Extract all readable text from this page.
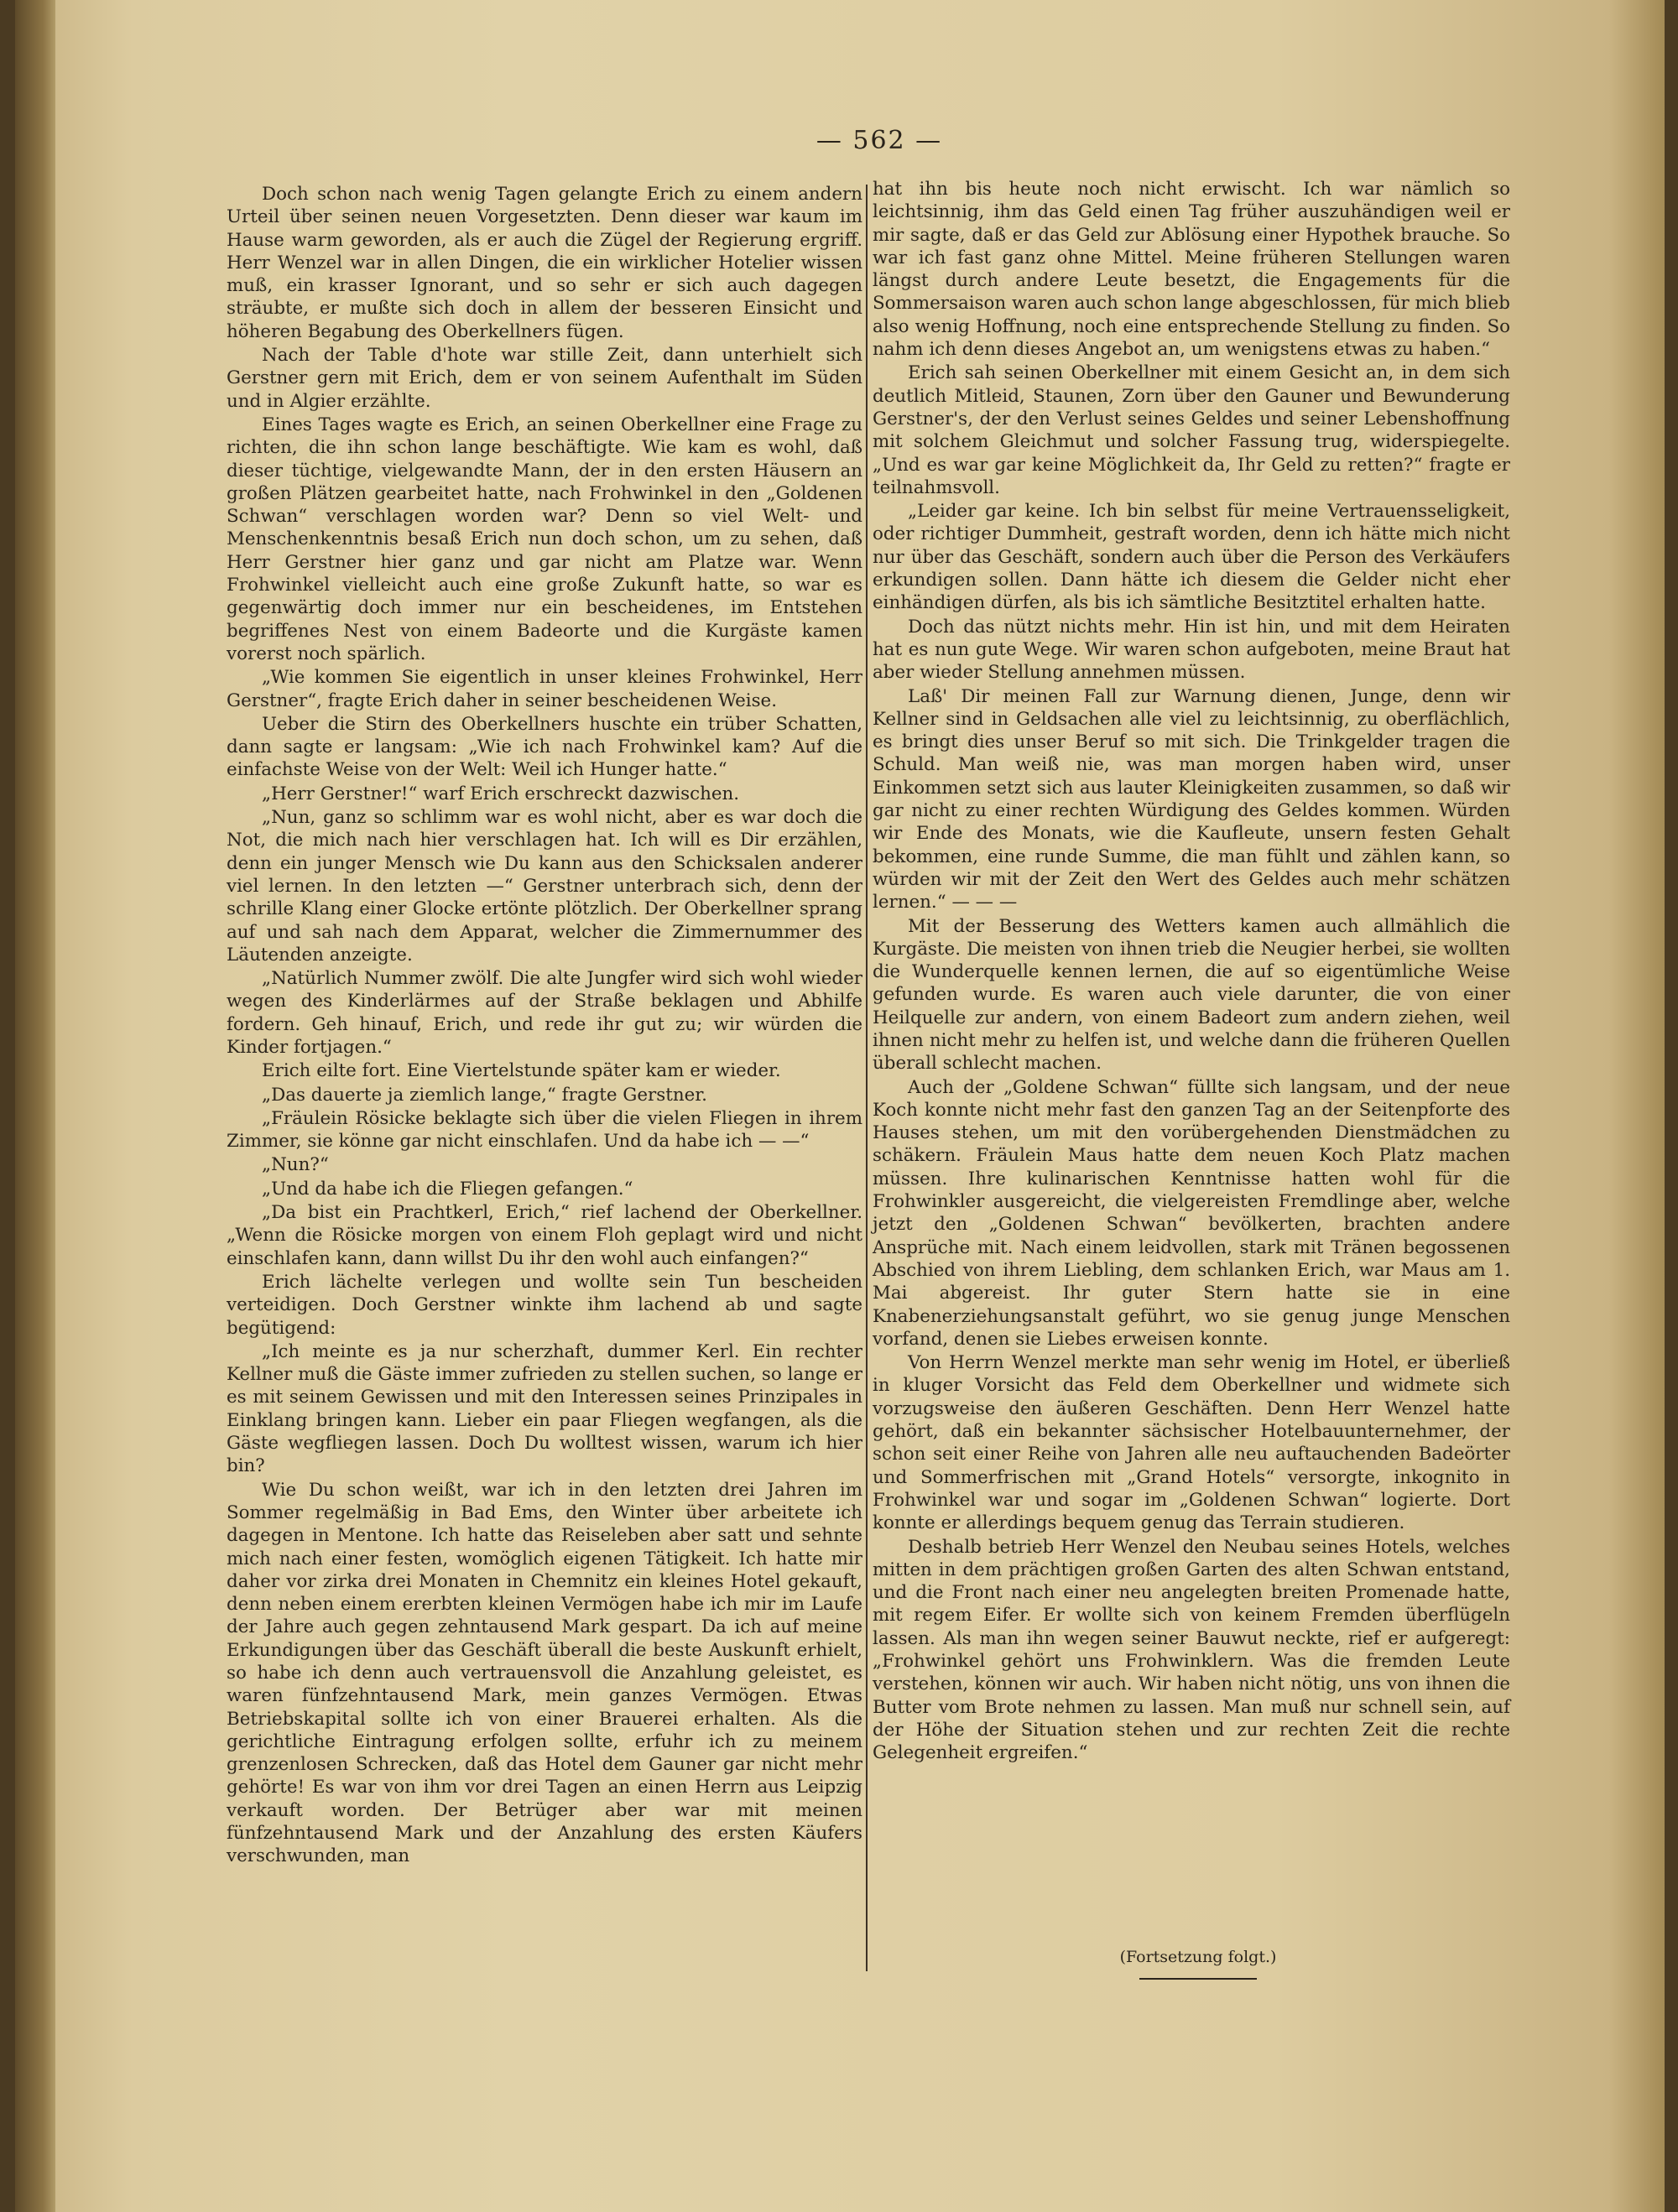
— 562 —

Doch schon nach wenig Tagen gelangte Erich zu einem andern Urteil über seinen neuen Vorgesetzten. Denn dieser war kaum im Hause warm geworden, als er auch die Zügel der Regierung ergriff. Herr Wenzel war in allen Dingen, die ein wirklicher Hotelier wissen muß, ein krasser Ignorant, und so sehr er sich auch dagegen sträubte, er mußte sich doch in allem der besseren Einsicht und höheren Begabung des Oberkellners fügen.

Nach der Table d'hote war stille Zeit, dann unterhielt sich Gerstner gern mit Erich, dem er von seinem Aufenthalt im Süden und in Algier erzählte.

Eines Tages wagte es Erich, an seinen Oberkellner eine Frage zu richten, die ihn schon lange beschäftigte. Wie kam es wohl, daß dieser tüchtige, vielgewandte Mann, der in den ersten Häusern an großen Plätzen gearbeitet hatte, nach Frohwinkel in den „Goldenen Schwan“ verschlagen worden war? Denn so viel Welt- und Menschenkenntnis besaß Erich nun doch schon, um zu sehen, daß Herr Gerstner hier ganz und gar nicht am Platze war. Wenn Frohwinkel vielleicht auch eine große Zukunft hatte, so war es gegenwärtig doch immer nur ein bescheidenes, im Entstehen begriffenes Nest von einem Badeorte und die Kurgäste kamen vorerst noch spärlich.

„Wie kommen Sie eigentlich in unser kleines Frohwinkel, Herr Gerstner“, fragte Erich daher in seiner bescheidenen Weise.

Ueber die Stirn des Oberkellners huschte ein trüber Schatten, dann sagte er langsam: „Wie ich nach Frohwinkel kam? Auf die einfachste Weise von der Welt: Weil ich Hunger hatte.“

„Herr Gerstner!“ warf Erich erschreckt dazwischen.

„Nun, ganz so schlimm war es wohl nicht, aber es war doch die Not, die mich nach hier verschlagen hat. Ich will es Dir erzählen, denn ein junger Mensch wie Du kann aus den Schicksalen anderer viel lernen. In den letzten —“ Gerstner unterbrach sich, denn der schrille Klang einer Glocke ertönte plötzlich. Der Oberkellner sprang auf und sah nach dem Apparat, welcher die Zimmernummer des Läutenden anzeigte.

„Natürlich Nummer zwölf. Die alte Jungfer wird sich wohl wieder wegen des Kinderlärmes auf der Straße beklagen und Abhilfe fordern. Geh hinauf, Erich, und rede ihr gut zu; wir würden die Kinder fortjagen.“

Erich eilte fort. Eine Viertelstunde später kam er wieder.

„Das dauerte ja ziemlich lange,“ fragte Gerstner.

„Fräulein Rösicke beklagte sich über die vielen Fliegen in ihrem Zimmer, sie könne gar nicht einschlafen. Und da habe ich — —“

„Nun?“

„Und da habe ich die Fliegen gefangen.“

„Da bist ein Prachtkerl, Erich,“ rief lachend der Oberkellner. „Wenn die Rösicke morgen von einem Floh geplagt wird und nicht einschlafen kann, dann willst Du ihr den wohl auch einfangen?“

Erich lächelte verlegen und wollte sein Tun bescheiden verteidigen. Doch Gerstner winkte ihm lachend ab und sagte begütigend:

„Ich meinte es ja nur scherzhaft, dummer Kerl. Ein rechter Kellner muß die Gäste immer zufrieden zu stellen suchen, so lange er es mit seinem Gewissen und mit den Interessen seines Prinzipales in Einklang bringen kann. Lieber ein paar Fliegen wegfangen, als die Gäste wegfliegen lassen. Doch Du wolltest wissen, warum ich hier bin?

Wie Du schon weißt, war ich in den letzten drei Jahren im Sommer regelmäßig in Bad Ems, den Winter über arbeitete ich dagegen in Mentone. Ich hatte das Reiseleben aber satt und sehnte mich nach einer festen, womöglich eigenen Tätigkeit. Ich hatte mir daher vor zirka drei Monaten in Chemnitz ein kleines Hotel gekauft, denn neben einem ererbten kleinen Vermögen habe ich mir im Laufe der Jahre auch gegen zehntausend Mark gespart. Da ich auf meine Erkundigungen über das Geschäft überall die beste Auskunft erhielt, so habe ich denn auch vertrauensvoll die Anzahlung geleistet, es waren fünfzehntausend Mark, mein ganzes Vermögen. Etwas Betriebskapital sollte ich von einer Brauerei erhalten. Als die gerichtliche Eintragung erfolgen sollte, erfuhr ich zu meinem grenzenlosen Schrecken, daß das Hotel dem Gauner gar nicht mehr gehörte! Es war von ihm vor drei Tagen an einen Herrn aus Leipzig verkauft worden. Der Betrüger aber war mit meinen fünfzehntausend Mark und der Anzahlung des ersten Käufers verschwunden, man

hat ihn bis heute noch nicht erwischt. Ich war nämlich so leichtsinnig, ihm das Geld einen Tag früher auszuhändigen weil er mir sagte, daß er das Geld zur Ablösung einer Hypothek brauche. So war ich fast ganz ohne Mittel. Meine früheren Stellungen waren längst durch andere Leute besetzt, die Engagements für die Sommersaison waren auch schon lange abgeschlossen, für mich blieb also wenig Hoffnung, noch eine entsprechende Stellung zu finden. So nahm ich denn dieses Angebot an, um wenigstens etwas zu haben.“

Erich sah seinen Oberkellner mit einem Gesicht an, in dem sich deutlich Mitleid, Staunen, Zorn über den Gauner und Bewunderung Gerstner's, der den Verlust seines Geldes und seiner Lebenshoffnung mit solchem Gleichmut und solcher Fassung trug, widerspiegelte. „Und es war gar keine Möglichkeit da, Ihr Geld zu retten?“ fragte er teilnahmsvoll.

„Leider gar keine. Ich bin selbst für meine Vertrauensseligkeit, oder richtiger Dummheit, gestraft worden, denn ich hätte mich nicht nur über das Geschäft, sondern auch über die Person des Verkäufers erkundigen sollen. Dann hätte ich diesem die Gelder nicht eher einhändigen dürfen, als bis ich sämtliche Besitztitel erhalten hatte.

Doch das nützt nichts mehr. Hin ist hin, und mit dem Heiraten hat es nun gute Wege. Wir waren schon aufgeboten, meine Braut hat aber wieder Stellung annehmen müssen.

Laß' Dir meinen Fall zur Warnung dienen, Junge, denn wir Kellner sind in Geldsachen alle viel zu leichtsinnig, zu oberflächlich, es bringt dies unser Beruf so mit sich. Die Trinkgelder tragen die Schuld. Man weiß nie, was man morgen haben wird, unser Einkommen setzt sich aus lauter Kleinigkeiten zusammen, so daß wir gar nicht zu einer rechten Würdigung des Geldes kommen. Würden wir Ende des Monats, wie die Kaufleute, unsern festen Gehalt bekommen, eine runde Summe, die man fühlt und zählen kann, so würden wir mit der Zeit den Wert des Geldes auch mehr schätzen lernen.“ — — —

Mit der Besserung des Wetters kamen auch allmählich die Kurgäste. Die meisten von ihnen trieb die Neugier herbei, sie wollten die Wunderquelle kennen lernen, die auf so eigentümliche Weise gefunden wurde. Es waren auch viele darunter, die von einer Heilquelle zur andern, von einem Badeort zum andern ziehen, weil ihnen nicht mehr zu helfen ist, und welche dann die früheren Quellen überall schlecht machen.

Auch der „Goldene Schwan“ füllte sich langsam, und der neue Koch konnte nicht mehr fast den ganzen Tag an der Seitenpforte des Hauses stehen, um mit den vorübergehenden Dienstmädchen zu schäkern. Fräulein Maus hatte dem neuen Koch Platz machen müssen. Ihre kulinarischen Kenntnisse hatten wohl für die Frohwinkler ausgereicht, die vielgereisten Fremdlinge aber, welche jetzt den „Goldenen Schwan“ bevölkerten, brachten andere Ansprüche mit. Nach einem leidvollen, stark mit Tränen begossenen Abschied von ihrem Liebling, dem schlanken Erich, war Maus am 1. Mai abgereist. Ihr guter Stern hatte sie in eine Knabenerziehungsanstalt geführt, wo sie genug junge Menschen vorfand, denen sie Liebes erweisen konnte.

Von Herrn Wenzel merkte man sehr wenig im Hotel, er überließ in kluger Vorsicht das Feld dem Oberkellner und widmete sich vorzugsweise den äußeren Geschäften. Denn Herr Wenzel hatte gehört, daß ein bekannter sächsischer Hotelbauunternehmer, der schon seit einer Reihe von Jahren alle neu auftauchenden Badeörter und Sommerfrischen mit „Grand Hotels“ versorgte, inkognito in Frohwinkel war und sogar im „Goldenen Schwan“ logierte. Dort konnte er allerdings bequem genug das Terrain studieren.

Deshalb betrieb Herr Wenzel den Neubau seines Hotels, welches mitten in dem prächtigen großen Garten des alten Schwan entstand, und die Front nach einer neu angelegten breiten Promenade hatte, mit regem Eifer. Er wollte sich von keinem Fremden überflügeln lassen. Als man ihn wegen seiner Bauwut neckte, rief er aufgeregt: „Frohwinkel gehört uns Frohwinklern. Was die fremden Leute verstehen, können wir auch. Wir haben nicht nötig, uns von ihnen die Butter vom Brote nehmen zu lassen. Man muß nur schnell sein, auf der Höhe der Situation stehen und zur rechten Zeit die rechte Gelegenheit ergreifen.“

(Fortsetzung folgt.)
